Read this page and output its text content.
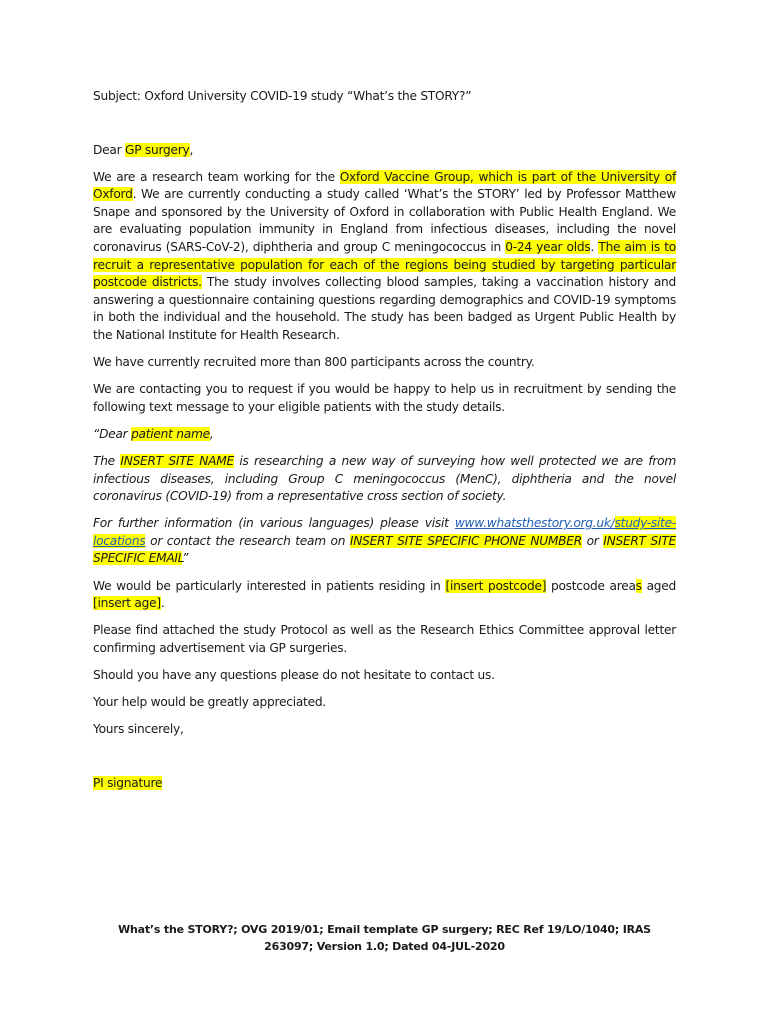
Subject: Oxford University COVID-19 study “What’s the STORY?”

Dear GP surgery,

We are a research team working for the Oxford Vaccine Group, which is part of the University of Oxford. We are currently conducting a study called ‘What’s the STORY’ led by Professor Matthew Snape and sponsored by the University of Oxford in collaboration with Public Health England. We are evaluating population immunity in England from infectious diseases, including the novel coronavirus (SARS-CoV-2), diphtheria and group C meningococcus in 0-24 year olds. The aim is to recruit a representative population for each of the regions being studied by targeting particular postcode districts. The study involves collecting blood samples, taking a vaccination history and answering a questionnaire containing questions regarding demographics and COVID-19 symptoms in both the individual and the household. The study has been badged as Urgent Public Health by the National Institute for Health Research.

We have currently recruited more than 800 participants across the country.

We are contacting you to request if you would be happy to help us in recruitment by sending the following text message to your eligible patients with the study details.

“Dear patient name,

The INSERT SITE NAME is researching a new way of surveying how well protected we are from infectious diseases, including Group C meningococcus (MenC), diphtheria and the novel coronavirus (COVID-19) from a representative cross section of society.

For further information (in various languages) please visit www.whatsthestory.org.uk/study-site-locations or contact the research team on INSERT SITE SPECIFIC PHONE NUMBER or INSERT SITE SPECIFIC EMAIL”

We would be particularly interested in patients residing in [insert postcode] postcode areas aged [insert age].

Please find attached the study Protocol as well as the Research Ethics Committee approval letter confirming advertisement via GP surgeries.

Should you have any questions please do not hesitate to contact us.

Your help would be greatly appreciated.

Yours sincerely,

PI signature

What’s the STORY?; OVG 2019/01; Email template GP surgery; REC Ref 19/LO/1040; IRAS 263097; Version 1.0; Dated 04-JUL-2020
